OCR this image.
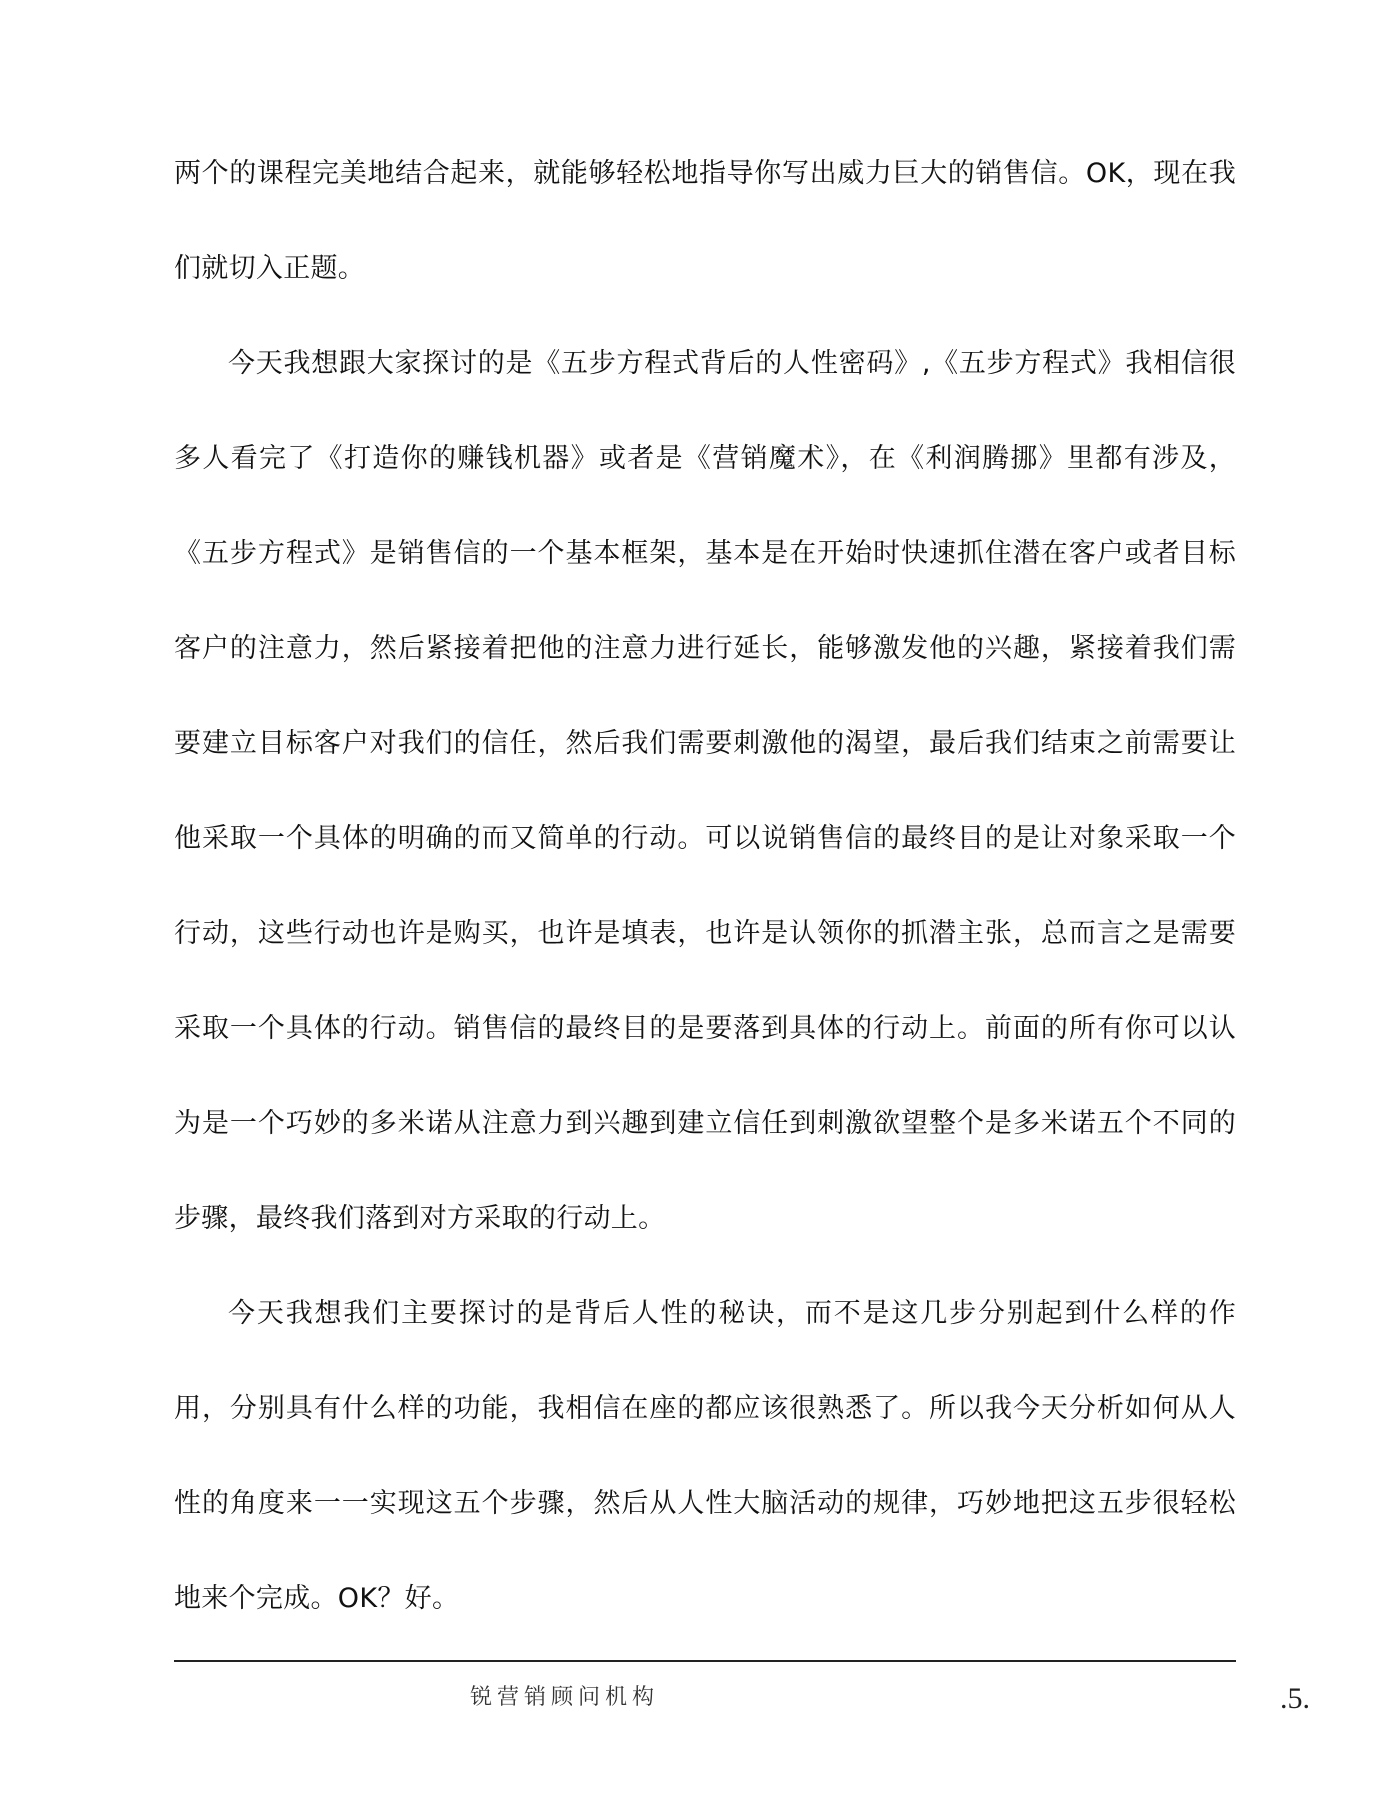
两个的课程完美地结合起来，就能够轻松地指导你写出威力巨大的销售信。OK，现在我们就切入正题。

今天我想跟大家探讨的是《五步方程式背后的人性密码》,《五步方程式》我相信很多人看完了《打造你的赚钱机器》或者是《营销魔术》，在《利润腾挪》里都有涉及，《五步方程式》是销售信的一个基本框架，基本是在开始时快速抓住潜在客户或者目标客户的注意力，然后紧接着把他的注意力进行延长，能够激发他的兴趣，紧接着我们需要建立目标客户对我们的信任，然后我们需要刺激他的渴望，最后我们结束之前需要让他采取一个具体的明确的而又简单的行动。可以说销售信的最终目的是让对象采取一个行动，这些行动也许是购买，也许是填表，也许是认领你的抓潜主张，总而言之是需要采取一个具体的行动。销售信的最终目的是要落到具体的行动上。前面的所有你可以认为是一个巧妙的多米诺从注意力到兴趣到建立信任到刺激欲望整个是多米诺五个不同的步骤，最终我们落到对方采取的行动上。

今天我想我们主要探讨的是背后人性的秘诀，而不是这几步分别起到什么样的作用，分别具有什么样的功能，我相信在座的都应该很熟悉了。所以我今天分析如何从人性的角度来一一实现这五个步骤，然后从人性大脑活动的规律，巧妙地把这五步很轻松地来个完成。OK？好。

锐营销顾问机构	.5.
